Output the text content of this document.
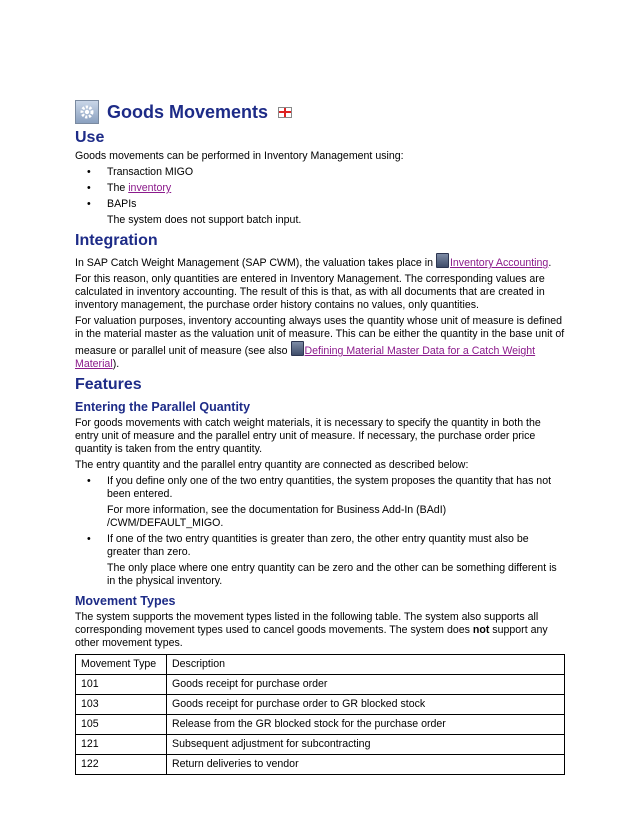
Goods Movements
Use

Goods movements can be performed in Inventory Management using:

• Transaction MIGO
• The inventory
• BAPIs

The system does not support batch input.

Integration

In SAP Catch Weight Management (SAP CWM), the valuation takes place in Inventory Accounting.

For this reason, only quantities are entered in Inventory Management. The corresponding values are calculated in inventory accounting. The result of this is that, as with all documents that are created in inventory management, the purchase order history contains no values, only quantities.

For valuation purposes, inventory accounting always uses the quantity whose unit of measure is defined in the material master as the valuation unit of measure. This can be either the quantity in the base unit of measure or parallel unit of measure (see also Defining Material Master Data for a Catch Weight Material).

Features
Entering the Parallel Quantity

For goods movements with catch weight materials, it is necessary to specify the quantity in both the entry unit of measure and the parallel entry unit of measure. If necessary, the purchase order price quantity is taken from the entry quantity.

The entry quantity and the parallel entry quantity are connected as described below:

• If you define only one of the two entry quantities, the system proposes the quantity that has not been entered.
For more information, see the documentation for Business Add-In (BAdI) /CWM/DEFAULT_MIGO.
• If one of the two entry quantities is greater than zero, the other entry quantity must also be greater than zero.
The only place where one entry quantity can be zero and the other can be something different is in the physical inventory.
Movement Types

The system supports the movement types listed in the following table. The system also supports all corresponding movement types used to cancel goods movements. The system does not support any other movement types.

Movement Type	Description
101	Goods receipt for purchase order
103	Goods receipt for purchase order to GR blocked stock
105	Release from the GR blocked stock for the purchase order
121	Subsequent adjustment for subcontracting
122	Return deliveries to vendor
